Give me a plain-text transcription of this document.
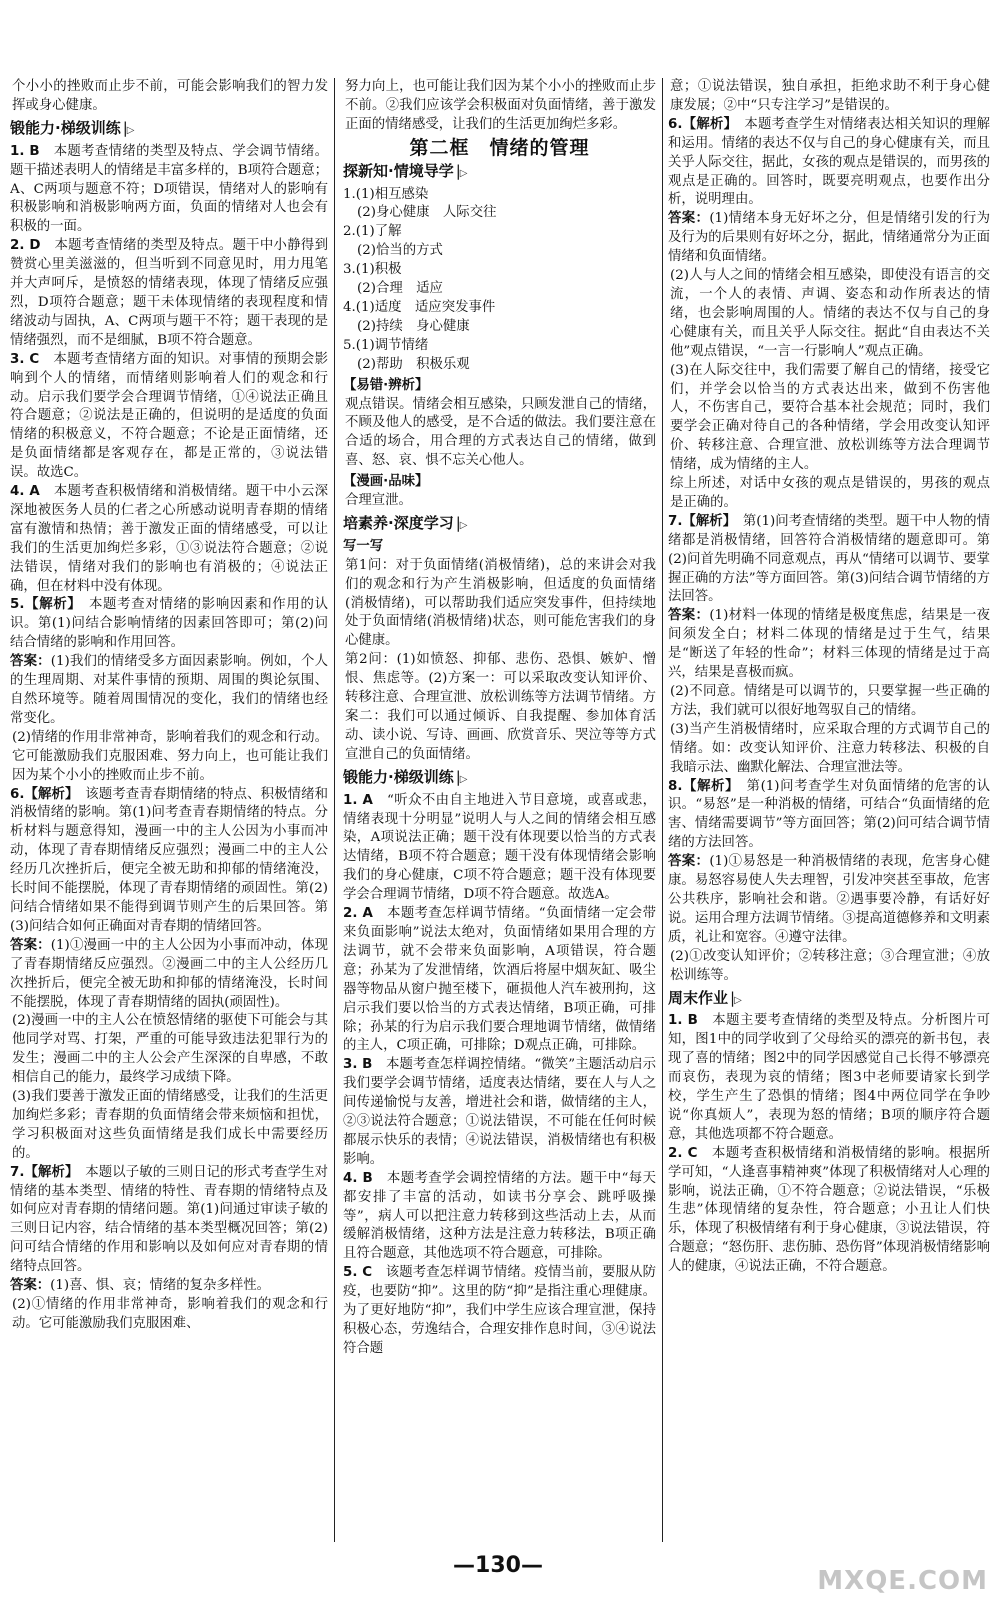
个小小的挫败而止步不前，可能会影响我们的智力发挥或身心健康。

锻能力·梯级训练 |▷

1. B　 本题考查情绪的类型及特点、学会调节情绪。题干描述表明人的情绪是丰富多样的，B项符合题意；A、C两项与题意不符；D项错误，情绪对人的影响有积极影响和消极影响两方面，负面的情绪对人也会有积极的一面。

2. D　 本题考查情绪的类型及特点。题干中小静得到赞赏心里美滋滋的，但当听到不同意见时，用力甩笔并大声呵斥，是愤怒的情绪表现，体现了情绪反应强烈，D项符合题意；题干未体现情绪的表现程度和情绪波动与固执，A、C两项与题干不符；题干表现的是情绪强烈，而不是细腻，B项不符合题意。

3. C　 本题考查情绪方面的知识。对事情的预期会影响到个人的情绪，而情绪则影响着人们的观念和行动。启示我们要学会合理调节情绪，①④说法正确且符合题意；②说法是正确的，但说明的是适度的负面情绪的积极意义，不符合题意；不论是正面情绪，还是负面情绪都是客观存在，都是正常的，③说法错误。故选C。

4. A　 本题考查积极情绪和消极情绪。题干中小云深深地被医务人员的仁者之心所感动说明青春期的情绪富有激情和热情；善于激发正面的情绪感受，可以让我们的生活更加绚烂多彩，①③说法符合题意；②说法错误，情绪对我们的影响也有消极的；④说法正确，但在材料中没有体现。

5.【解析】　 本题考查对情绪的影响因素和作用的认识。第(1)问结合影响情绪的因素回答即可；第(2)问结合情绪的影响和作用回答。

答案：(1)我们的情绪受多方面因素影响。例如，个人的生理周期、对某件事情的预期、周围的舆论氛围、自然环境等。随着周围情况的变化，我们的情绪也经常变化。

(2)情绪的作用非常神奇，影响着我们的观念和行动。它可能激励我们克服困难、努力向上，也可能让我们因为某个小小的挫败而止步不前。

6.【解析】　 该题考查青春期情绪的特点、积极情绪和消极情绪的影响。第(1)问考查青春期情绪的特点。分析材料与题意得知，漫画一中的主人公因为小事而冲动，体现了青春期情绪反应强烈；漫画二中的主人公经历几次挫折后，便完全被无助和抑郁的情绪淹没，长时间不能摆脱，体现了青春期情绪的顽固性。第(2)问结合情绪如果不能得到调节则产生的后果回答。第(3)问结合如何正确面对青春期的情绪回答。

答案：(1)①漫画一中的主人公因为小事而冲动，体现了青春期情绪反应强烈。②漫画二中的主人公经历几次挫折后，便完全被无助和抑郁的情绪淹没，长时间不能摆脱，体现了青春期情绪的固执(顽固性)。

(2)漫画一中的主人公在愤怒情绪的驱使下可能会与其他同学对骂、打架，严重的可能导致违法犯罪行为的发生；漫画二中的主人公会产生深深的自卑感，不敢相信自己的能力，最终学习成绩下降。

(3)我们要善于激发正面的情绪感受，让我们的生活更加绚烂多彩；青春期的负面情绪会带来烦恼和担忧，学习积极面对这些负面情绪是我们成长中需要经历的。

7.【解析】　 本题以子敏的三则日记的形式考查学生对情绪的基本类型、情绪的特性、青春期的情绪特点及如何应对青春期的情绪问题。第(1)问通过审读子敏的三则日记内容，结合情绪的基本类型概况回答；第(2)问可结合情绪的作用和影响以及如何应对青春期的情绪特点回答。

答案：(1)喜、惧、哀；情绪的复杂多样性。

(2)①情绪的作用非常神奇，影响着我们的观念和行动。它可能激励我们克服困难、

努力向上，也可能让我们因为某个小小的挫败而止步不前。②我们应该学会积极面对负面情绪，善于激发正面的情绪感受，让我们的生活更加绚烂多彩。

第二框　情绪的管理
探新知·情境导学 |▷

1.(1)相互感染

(2)身心健康　人际交往

2.(1)了解

(2)恰当的方式

3.(1)积极

(2)合理　适应

4.(1)适度　适应突发事件

(2)持续　身心健康

5.(1)调节情绪

(2)帮助　积极乐观

【易错·辨析】

观点错误。情绪会相互感染，只顾发泄自己的情绪，不顾及他人的感受，是不合适的做法。我们要注意在合适的场合，用合理的方式表达自己的情绪，做到喜、怒、哀、惧不忘关心他人。

【漫画·品味】

合理宣泄。

培素养·深度学习 |▷
写一写

第1问：对于负面情绪(消极情绪)，总的来讲会对我们的观念和行为产生消极影响，但适度的负面情绪(消极情绪)，可以帮助我们适应突发事件，但持续地处于负面情绪(消极情绪)状态，则可能危害我们的身心健康。

第2问：(1)如愤怒、抑郁、悲伤、恐惧、嫉妒、憎恨、焦虑等。(2)方案一：可以采取改变认知评价、转移注意、合理宣泄、放松训练等方法调节情绪。方案二：我们可以通过倾诉、自我提醒、参加体育活动、读小说、写诗、画画、欣赏音乐、哭泣等等方式宣泄自己的负面情绪。

锻能力·梯级训练 |▷

1. A　 “听众不由自主地进入节目意境，或喜或悲，情绪表现十分明显”说明人与人之间的情绪会相互感染，A项说法正确；题干没有体现要以恰当的方式表达情绪，B项不符合题意；题干没有体现情绪会影响我们的身心健康，C项不符合题意；题干没有体现要学会合理调节情绪，D项不符合题意。故选A。

2. A　 本题考查怎样调节情绪。“负面情绪一定会带来负面影响”说法太绝对，负面情绪如果用合理的方法调节，就不会带来负面影响，A项错误，符合题意；孙某为了发泄情绪，饮酒后将屋中烟灰缸、吸尘器等物品从窗户抛至楼下，砸损他人汽车被刑拘，这启示我们要以恰当的方式表达情绪，B项正确，可排除；孙某的行为启示我们要合理地调节情绪，做情绪的主人，C项正确，可排除；D观点正确，可排除。

3. B　 本题考查怎样调控情绪。“微笑”主题活动启示我们要学会调节情绪，适度表达情绪，要在人与人之间传递愉悦与友善，增进社会和谐，做情绪的主人，②③说法符合题意；①说法错误，不可能在任何时候都展示快乐的表情；④说法错误，消极情绪也有积极影响。

4. B　 本题考查学会调控情绪的方法。题干中“每天都安排了丰富的活动，如读书分享会、跳呼吸操等”，病人可以把注意力转移到这些活动上去，从而缓解消极情绪，这种方法是注意力转移法，B项正确且符合题意，其他选项不符合题意，可排除。

5. C　 该题考查怎样调节情绪。疫情当前，要服从防疫，也要防“抑”。这里的防“抑”是指注重心理健康。为了更好地防“抑”，我们中学生应该合理宣泄，保持积极心态，劳逸结合，合理安排作息时间，③④说法符合题

意；①说法错误，独自承担，拒绝求助不利于身心健康发展；②中“只专注学习”是错误的。

6.【解析】　 本题考查学生对情绪表达相关知识的理解和运用。情绪的表达不仅与自己的身心健康有关，而且关乎人际交往，据此，女孩的观点是错误的，而男孩的观点是正确的。回答时，既要亮明观点，也要作出分析，说明理由。

答案：(1)情绪本身无好坏之分，但是情绪引发的行为及行为的后果则有好坏之分，据此，情绪通常分为正面情绪和负面情绪。

(2)人与人之间的情绪会相互感染，即使没有语言的交流，一个人的表情、声调、姿态和动作所表达的情绪，也会影响周围的人。情绪的表达不仅与自己的身心健康有关，而且关乎人际交往。据此“自由表达不关他”观点错误，“一言一行影响人”观点正确。

(3)在人际交往中，我们需要了解自己的情绪，接受它们，并学会以恰当的方式表达出来，做到不伤害他人，不伤害自己，要符合基本社会规范；同时，我们要学会正确对待自己的各种情绪，学会用改变认知评价、转移注意、合理宣泄、放松训练等方法合理调节情绪，成为情绪的主人。

综上所述，对话中女孩的观点是错误的，男孩的观点是正确的。

7.【解析】　 第(1)问考查情绪的类型。题干中人物的情绪都是消极情绪，回答符合消极情绪的题意即可。第(2)问首先明确不同意观点，再从“情绪可以调节、要掌握正确的方法”等方面回答。第(3)问结合调节情绪的方法回答。

答案：(1)材料一体现的情绪是极度焦虑，结果是一夜间须发全白；材料二体现的情绪是过于生气，结果是“断送了年轻的性命”；材料三体现的情绪是过于高兴，结果是喜极而疯。

(2)不同意。情绪是可以调节的，只要掌握一些正确的方法，我们就可以很好地驾驭自己的情绪。

(3)当产生消极情绪时，应采取合理的方式调节自己的情绪。如：改变认知评价、注意力转移法、积极的自我暗示法、幽默化解法、合理宣泄法等。

8.【解析】　 第(1)问考查学生对负面情绪的危害的认识。“易怒”是一种消极的情绪，可结合“负面情绪的危害、情绪需要调节”等方面回答；第(2)问可结合调节情绪的方法回答。

答案：(1)①易怒是一种消极情绪的表现，危害身心健康。易怒容易使人失去理智，引发冲突甚至事故，危害公共秩序，影响社会和谐。②遇事要冷静，有话好好说。运用合理方法调节情绪。③提高道德修养和文明素质，礼让和宽容。④遵守法律。

(2)①改变认知评价；②转移注意；③合理宣泄；④放松训练等。

周末作业 |▷

1. B　 本题主要考查情绪的类型及特点。分析图片可知，图1中的同学收到了父母给买的漂亮的新书包，表现了喜的情绪；图2中的同学因感觉自己长得不够漂亮而哀伤，表现为哀的情绪；图3中老师要请家长到学校，学生产生了恐惧的情绪；图4中两位同学在争吵说“你真烦人”，表现为怒的情绪；B项的顺序符合题意，其他选项都不符合题意。

2. C　 本题考查积极情绪和消极情绪的影响。根据所学可知，“人逢喜事精神爽”体现了积极情绪对人心理的影响，说法正确，①不符合题意；②说法错误，“乐极生悲”体现情绪的复杂性，符合题意；小丑让人们快乐，体现了积极情绪有利于身心健康，③说法错误，符合题意；“怒伤肝、悲伤肺、恐伤肾”体现消极情绪影响人的健康，④说法正确，不符合题意。

—130—
MXQE.COM
